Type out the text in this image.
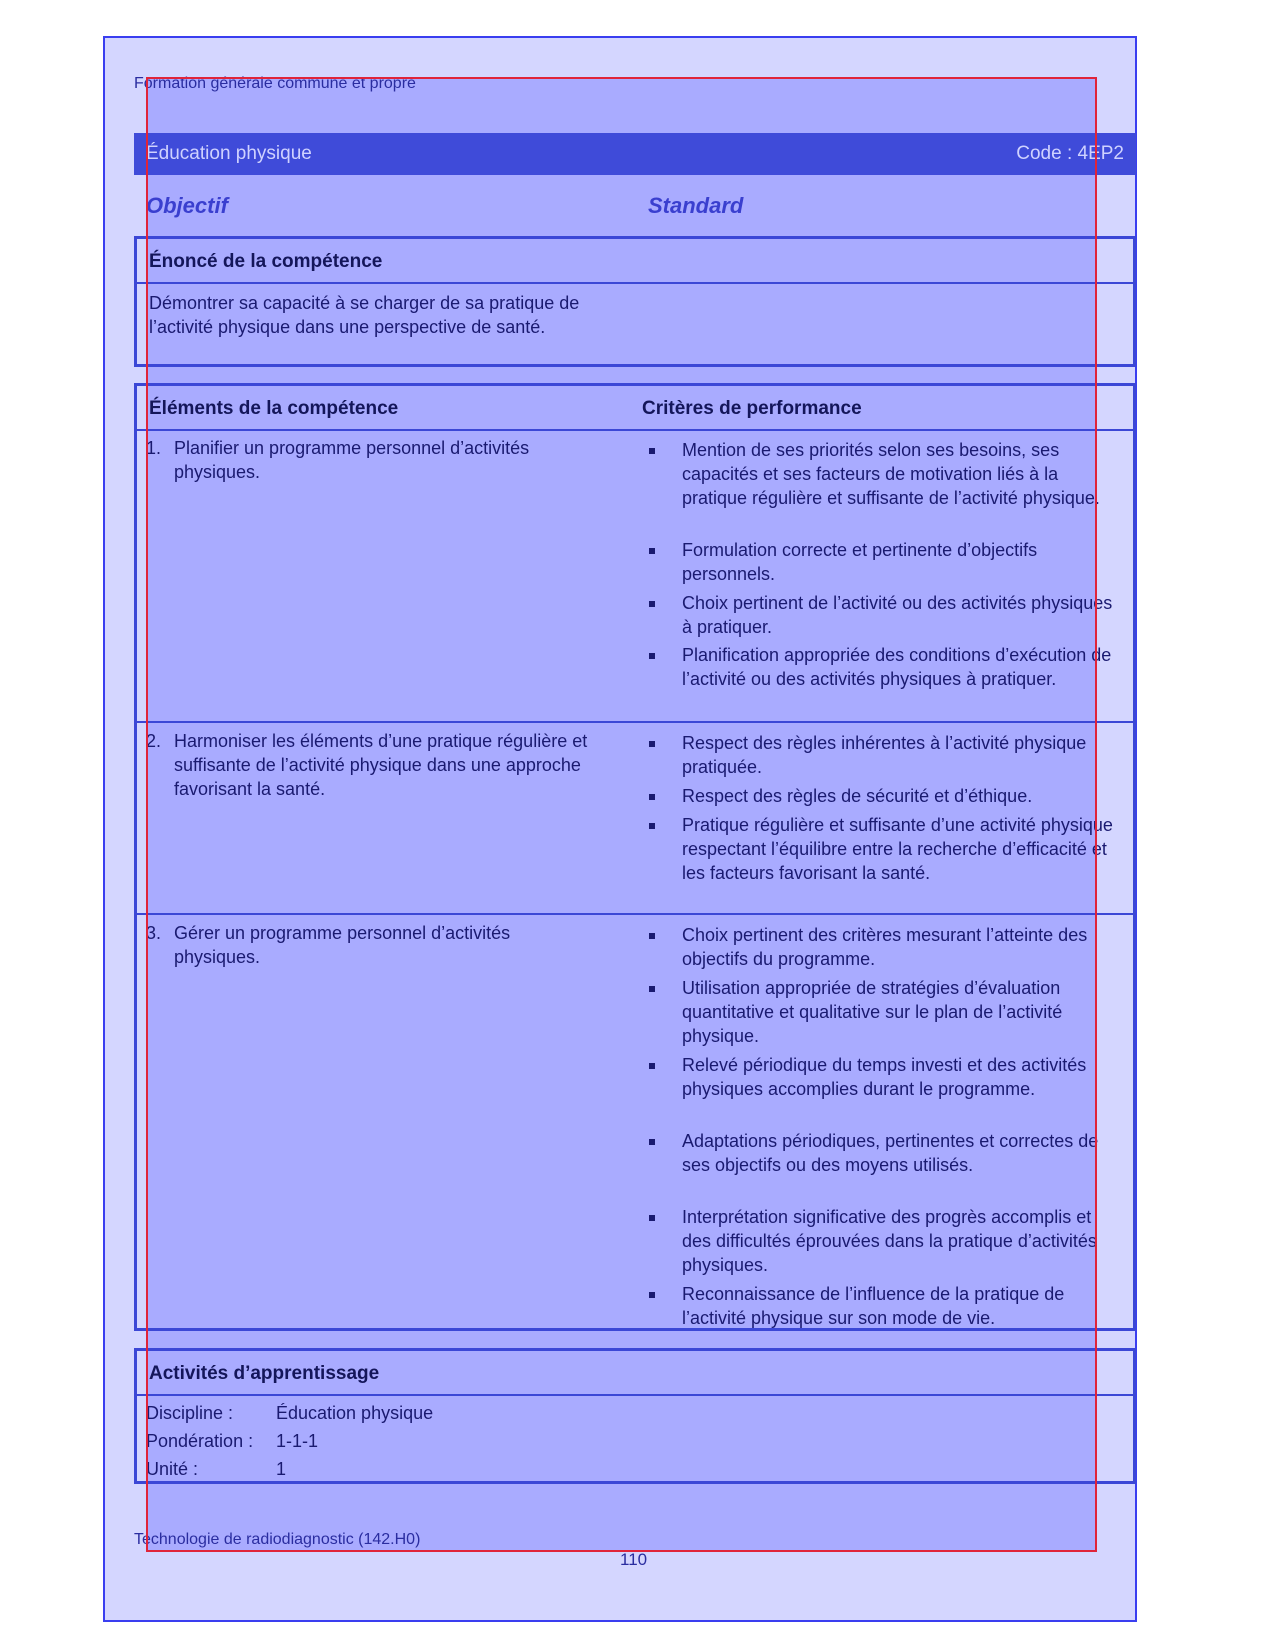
Formation générale commune et propre
Éducation physique	Code : 4EP2
Objectif	Standard
Énoncé de la compétence
Démontrer sa capacité à se charger de sa pratique de l’activité physique dans une perspective de santé.
Éléments de la compétence	Critères de performance
1. Planifier un programme personnel d’activités physiques.
Mention de ses priorités selon ses besoins, ses capacités et ses facteurs de motivation liés à la pratique régulière et suffisante de l’activité physique.
Formulation correcte et pertinente d’objectifs personnels.
Choix pertinent de l’activité ou des activités physiques à pratiquer.
Planification appropriée des conditions d’exécution de l’activité ou des activités physiques à pratiquer.
2. Harmoniser les éléments d’une pratique régulière et suffisante de l’activité physique dans une approche favorisant la santé.
Respect des règles inhérentes à l’activité physique pratiquée.
Respect des règles de sécurité et d’éthique.
Pratique régulière et suffisante d’une activité physique respectant l’équilibre entre la recherche d’efficacité et les facteurs favorisant la santé.
3. Gérer un programme personnel d’activités physiques.
Choix pertinent des critères mesurant l’atteinte des objectifs du programme.
Utilisation appropriée de stratégies d’évaluation quantitative et qualitative sur le plan de l’activité physique.
Relevé périodique du temps investi et des activités physiques accomplies durant le programme.
Adaptations périodiques, pertinentes et correctes de ses objectifs ou des moyens utilisés.
Interprétation significative des progrès accomplis et des difficultés éprouvées dans la pratique d’activités physiques.
Reconnaissance de l’influence de la pratique de l’activité physique sur son mode de vie.
Activités d’apprentissage
Discipline : Éducation physique
Pondération : 1-1-1
Unité :	1
Technologie de radiodiagnostic (142.H0)
110
